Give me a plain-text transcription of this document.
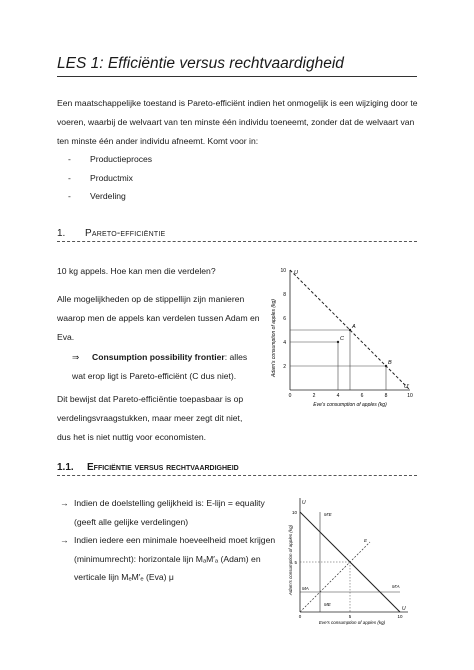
LES 1: Efficiëntie versus rechtvaardigheid
Een maatschappelijke toestand is Pareto-efficiënt indien het onmogelijk is een wijziging door te voeren, waarbij de welvaart van ten minste één individu toeneemt, zonder dat de welvaart van ten minste één ander individu afneemt. Komt voor in:
-	Productieproces
-	Productmix
-	Verdeling
1. Pareto-efficiëntie
10 kg appels. Hoe kan men die verdelen?
Alle mogelijkheden op de stippellijn zijn manieren waarop men de appels kan verdelen tussen Adam en Eva.
⇒ Consumption possibility frontier: alles wat erop ligt is Pareto-efficiënt (C dus niet).
Dit bewijst dat Pareto-efficiëntie toepasbaar is op verdelingsvraagstukken, maar meer zegt dit niet, dus het is niet nuttig voor economisten.
Adam's consumption of apples (kg)	A
C
B
0	2	4	6	8	10
2
4
6
8
10 U
U′
Eve's consumption of apples (kg)
1.1. Efficiëntie versus rechtvaardigheid
→ Indien de doelstelling gelijkheid is: E-lijn = equality (geeft alle gelijke verdelingen)
→ Indien iedere een minimale hoeveelheid moet krijgen (minimumrecht): horizontale lijn MₐM′ₐ (Adam) en verticale lijn MₑM′ₑ (Eva) μ	Adam's consumption of apples (kg)
0	5	10
5
10
U
U
M′E
E
M′A
MA
ME
Eve's consumption of apples (kg)
